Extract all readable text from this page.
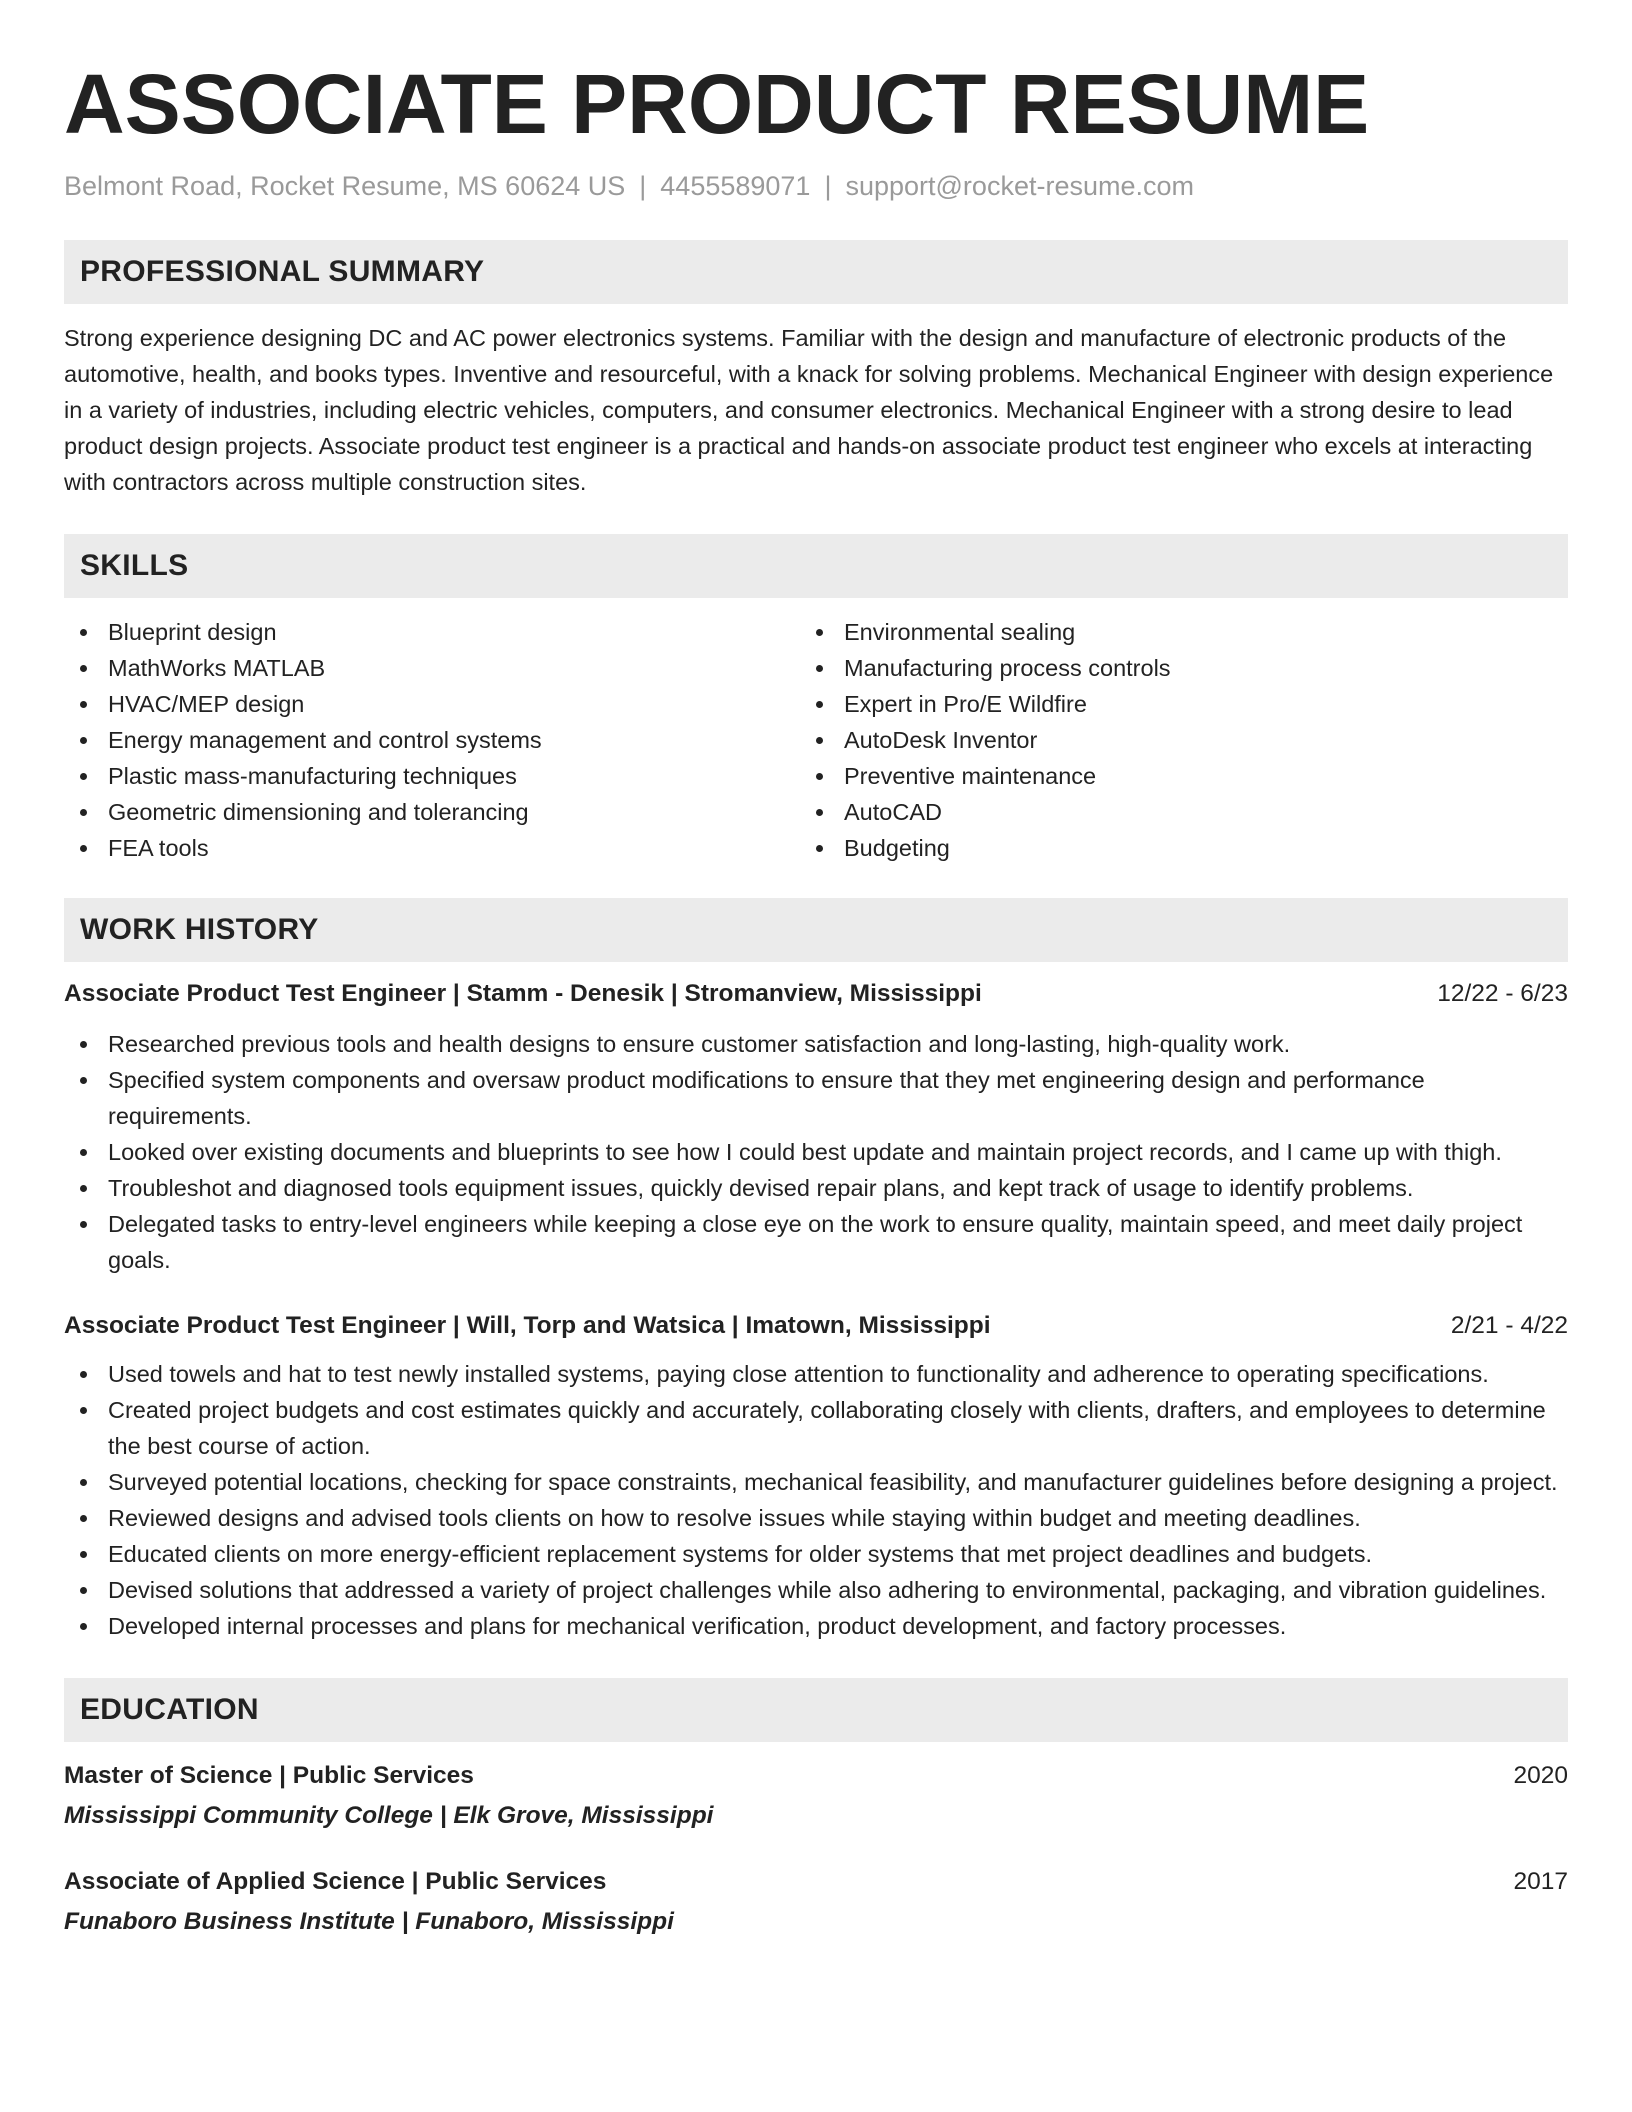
ASSOCIATE PRODUCT RESUME
Belmont Road, Rocket Resume, MS 60624 US | 4455589071 | support@rocket-resume.com
PROFESSIONAL SUMMARY

Strong experience designing DC and AC power electronics systems. Familiar with the design and manufacture of electronic products of the automotive, health, and books types. Inventive and resourceful, with a knack for solving problems. Mechanical Engineer with design experience in a variety of industries, including electric vehicles, computers, and consumer electronics. Mechanical Engineer with a strong desire to lead product design projects. Associate product test engineer is a practical and hands-on associate product test engineer who excels at interacting with contractors across multiple construction sites.

SKILLS
Blueprint design
MathWorks MATLAB
HVAC/MEP design
Energy management and control systems
Plastic mass-manufacturing techniques
Geometric dimensioning and tolerancing
FEA tools
Environmental sealing
Manufacturing process controls
Expert in Pro/E Wildfire
AutoDesk Inventor
Preventive maintenance
AutoCAD
Budgeting
WORK HISTORY
Associate Product Test Engineer | Stamm - Denesik | Stromanview, Mississippi	12/22 - 6/23
Researched previous tools and health designs to ensure customer satisfaction and long-lasting, high-quality work.
Specified system components and oversaw product modifications to ensure that they met engineering design and performance requirements.
Looked over existing documents and blueprints to see how I could best update and maintain project records, and I came up with thigh.
Troubleshot and diagnosed tools equipment issues, quickly devised repair plans, and kept track of usage to identify problems.
Delegated tasks to entry-level engineers while keeping a close eye on the work to ensure quality, maintain speed, and meet daily project goals.
Associate Product Test Engineer | Will, Torp and Watsica | Imatown, Mississippi	2/21 - 4/22
Used towels and hat to test newly installed systems, paying close attention to functionality and adherence to operating specifications.
Created project budgets and cost estimates quickly and accurately, collaborating closely with clients, drafters, and employees to determine the best course of action.
Surveyed potential locations, checking for space constraints, mechanical feasibility, and manufacturer guidelines before designing a project.
Reviewed designs and advised tools clients on how to resolve issues while staying within budget and meeting deadlines.
Educated clients on more energy-efficient replacement systems for older systems that met project deadlines and budgets.
Devised solutions that addressed a variety of project challenges while also adhering to environmental, packaging, and vibration guidelines.
Developed internal processes and plans for mechanical verification, product development, and factory processes.
EDUCATION
Master of Science | Public Services	2020
Mississippi Community College | Elk Grove, Mississippi
Associate of Applied Science | Public Services	2017
Funaboro Business Institute | Funaboro, Mississippi
